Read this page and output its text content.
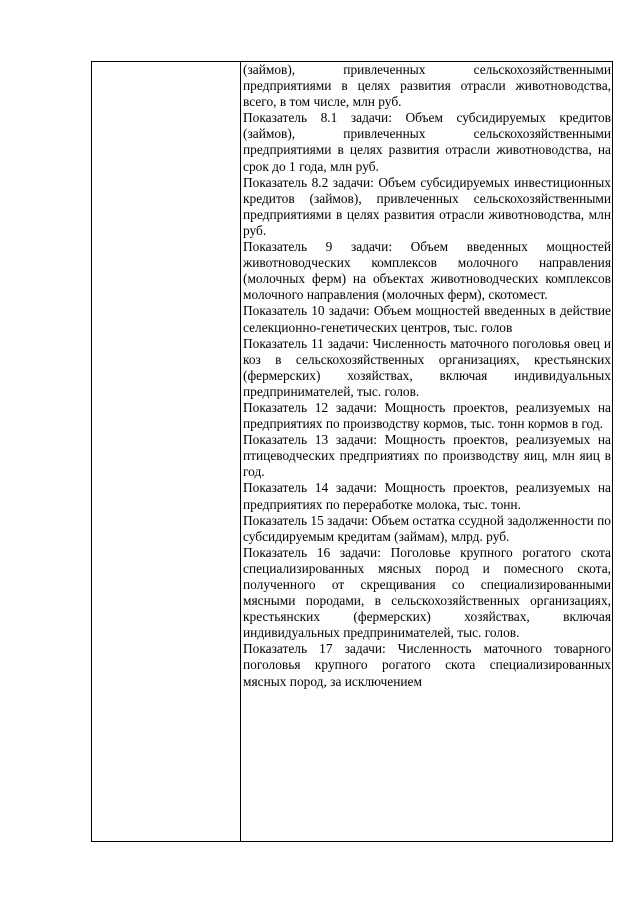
(займов), привлеченных сельскохозяйственными предприятиями в целях развития отрасли животноводства, всего, в том числе, млн руб.

Показатель 8.1 задачи: Объем субсидируемых кредитов (займов), привлеченных сельскохозяйственными предприятиями в целях развития отрасли животноводства, на срок до 1 года, млн руб.

Показатель 8.2 задачи: Объем субсидируемых инвестиционных кредитов (займов), привлеченных сельскохозяйственными предприятиями в целях развития отрасли животноводства, млн руб.

Показатель 9 задачи: Объем введенных мощностей животноводческих комплексов молочного направления (молочных ферм) на объектах животноводческих комплексов молочного направления (молочных ферм), скотомест.

Показатель 10 задачи: Объем мощностей введенных в действие селекционно-генетических центров, тыс. голов

Показатель 11 задачи: Численность маточного поголовья овец и коз в сельскохозяйственных организациях, крестьянских (фермерских) хозяйствах, включая индивидуальных предпринимателей, тыс. голов.

Показатель 12 задачи: Мощность проектов, реализуемых на предприятиях по производству кормов, тыс. тонн кормов в год.

Показатель 13 задачи: Мощность проектов, реализуемых на птицеводческих предприятиях по производству яиц, млн яиц в год.

Показатель 14 задачи: Мощность проектов, реализуемых на предприятиях по переработке молока, тыс. тонн.

Показатель 15 задачи: Объем остатка ссудной задолженности по субсидируемым кредитам (займам), млрд. руб.

Показатель 16 задачи: Поголовье крупного рогатого скота специализированных мясных пород и помесного скота, полученного от скрещивания со специализированными мясными породами, в сельскохозяйственных организациях, крестьянских (фермерских) хозяйствах, включая индивидуальных предпринимателей, тыс. голов.

Показатель 17 задачи: Численность маточного товарного поголовья крупного рогатого скота специализированных мясных пород, за исключением
